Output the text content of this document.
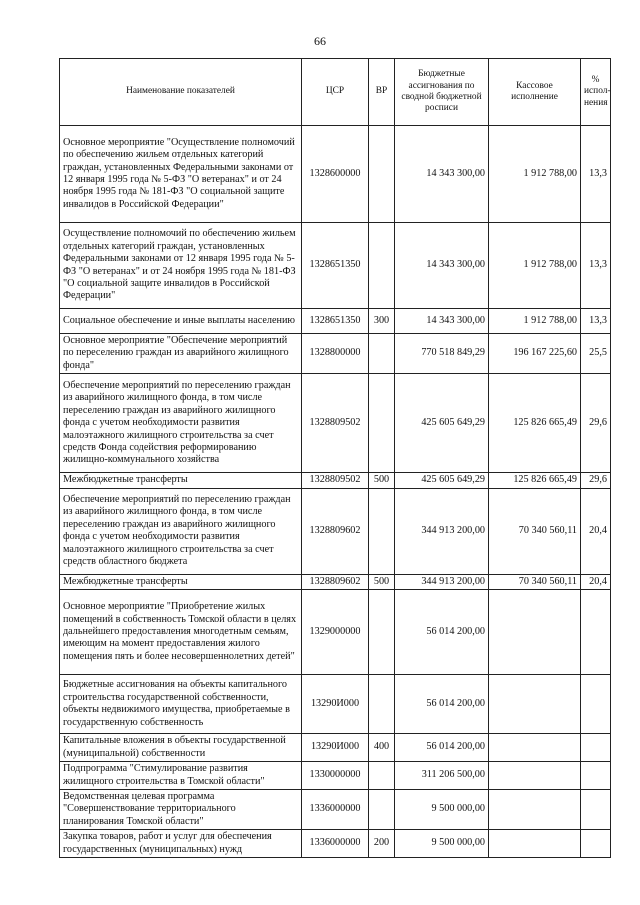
66
Наименование показателей	ЦСР	ВР	Бюджетные ассигнования по сводной бюджетной росписи	Кассовое исполнение	% испол-нения
Основное мероприятие "Осуществление полномочий по обеспечению жильем отдельных категорий граждан, установленных Федеральными законами от 12 января 1995 года № 5-ФЗ "О ветеранах" и от 24 ноября 1995 года № 181-ФЗ "О социальной защите инвалидов в Российской Федерации"	1328600000		14 343 300,00	1 912 788,00	13,3
Осуществление полномочий по обеспечению жильем отдельных категорий граждан, установленных Федеральными законами от 12 января 1995 года № 5-ФЗ "О ветеранах" и от 24 ноября 1995 года № 181-ФЗ "О социальной защите инвалидов в Российской Федерации"	1328651350		14 343 300,00	1 912 788,00	13,3
Социальное обеспечение и иные выплаты населению	1328651350	300	14 343 300,00	1 912 788,00	13,3
Основное мероприятие "Обеспечение мероприятий по переселению граждан из аварийного жилищного фонда"	1328800000		770 518 849,29	196 167 225,60	25,5
Обеспечение мероприятий по переселению граждан из аварийного жилищного фонда, в том числе переселению граждан из аварийного жилищного фонда с учетом необходимости развития малоэтажного жилищного строительства за счет средств Фонда содействия реформированию жилищно-коммунального хозяйства	1328809502		425 605 649,29	125 826 665,49	29,6
Межбюджетные трансферты	1328809502	500	425 605 649,29	125 826 665,49	29,6
Обеспечение мероприятий по переселению граждан из аварийного жилищного фонда, в том числе переселению граждан из аварийного жилищного фонда с учетом необходимости развития малоэтажного жилищного строительства за счет средств областного бюджета	1328809602		344 913 200,00	70 340 560,11	20,4
Межбюджетные трансферты	1328809602	500	344 913 200,00	70 340 560,11	20,4
Основное мероприятие "Приобретение жилых помещений в собственность Томской области в целях дальнейшего предоставления многодетным семьям, имеющим на момент предоставления жилого помещения пять и более несовершеннолетних детей"	1329000000		56 014 200,00		
Бюджетные ассигнования на объекты капитального строительства государственной собственности, объекты недвижимого имущества, приобретаемые в государственную собственность	13290И000		56 014 200,00		
Капитальные вложения в объекты государственной (муниципальной) собственности	13290И000	400	56 014 200,00		
Подпрограмма "Стимулирование развития жилищного строительства в Томской области"	1330000000		311 206 500,00		
Ведомственная целевая программа "Совершенствование территориального планирования Томской области"	1336000000		9 500 000,00		
Закупка товаров, работ и услуг для обеспечения государственных (муниципальных) нужд	1336000000	200	9 500 000,00		
